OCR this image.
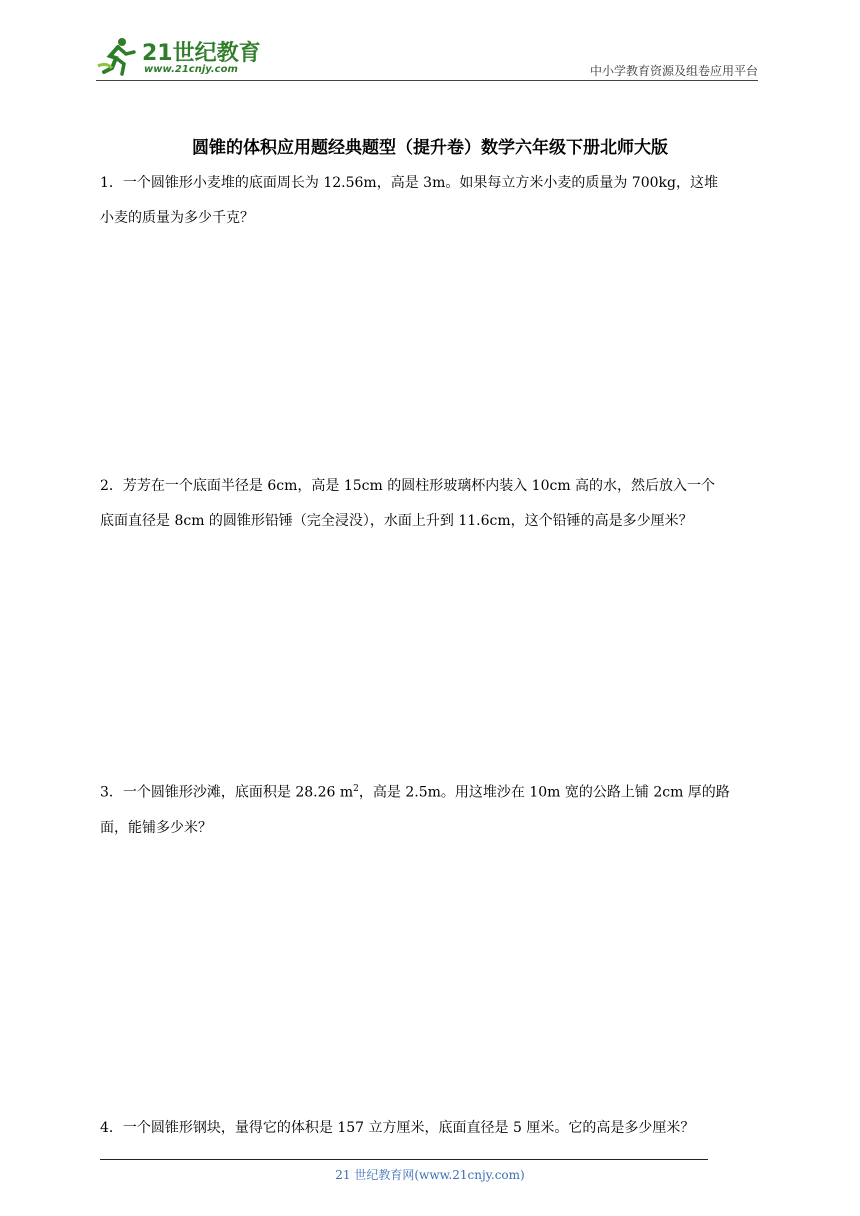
21世纪教育
www.21cnjy.com	中小学教育资源及组卷应用平台
圆锥的体积应用题经典题型（提升卷）数学六年级下册北师大版

1．一个圆锥形小麦堆的底面周长为 12.56m，高是 3m。如果每立方米小麦的质量为 700kg，这堆

小麦的质量为多少千克？

2．芳芳在一个底面半径是 6cm，高是 15cm 的圆柱形玻璃杯内装入 10cm 高的水，然后放入一个

底面直径是 8cm 的圆锥形铅锤（完全浸没），水面上升到 11.6cm，这个铅锤的高是多少厘米？

3．一个圆锥形沙滩，底面积是 28.26 $m^2$，高是 2.5m。用这堆沙在 10m 宽的公路上铺 2cm 厚的路

面，能铺多少米？

4．一个圆锥形钢块，量得它的体积是 157 立方厘米，底面直径是 5 厘米。它的高是多少厘米？

21 世纪教育网(www.21cnjy.com)
